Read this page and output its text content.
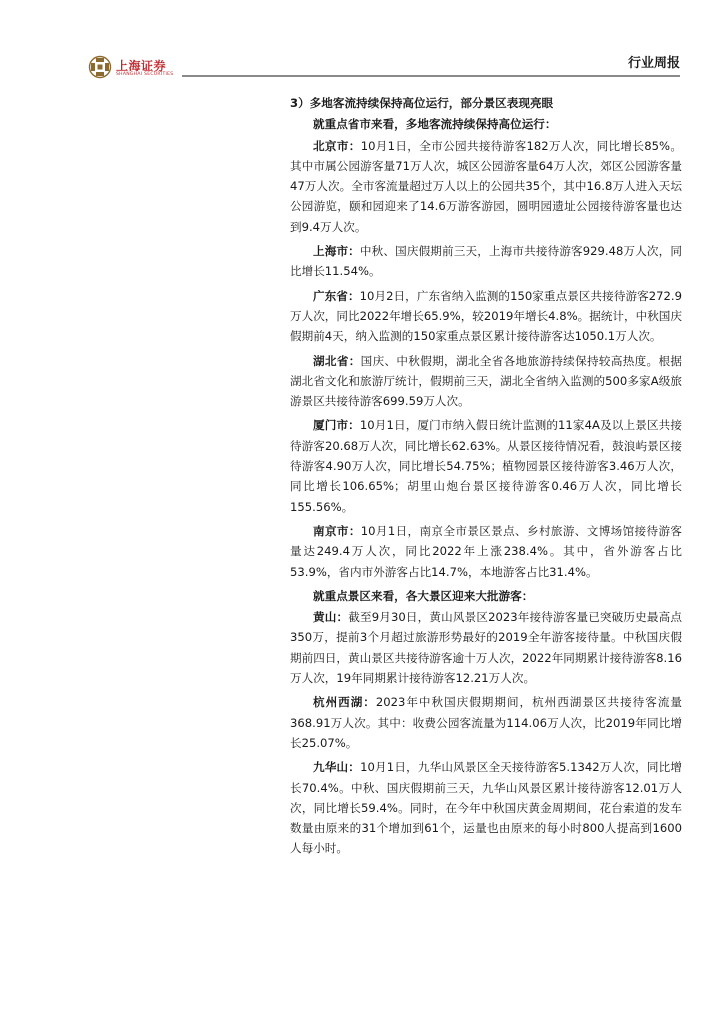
上海证券
SHANGHAI SECURITIES
行业周报

3）多地客流持续保持高位运行，部分景区表现亮眼

就重点省市来看，多地客流持续保持高位运行：

北京市：10月1日，全市公园共接待游客182万人次，同比增长85%。其中市属公园游客量71万人次，城区公园游客量64万人次，郊区公园游客量47万人次。全市客流量超过万人以上的公园共35个，其中16.8万人进入天坛公园游览，颐和园迎来了14.6万游客游园，圆明园遗址公园接待游客量也达到9.4万人次。

上海市：中秋、国庆假期前三天，上海市共接待游客929.48万人次，同比增长11.54%。

广东省：10月2日，广东省纳入监测的150家重点景区共接待游客272.9万人次，同比2022年增长65.9%，较2019年增长4.8%。据统计，中秋国庆假期前4天，纳入监测的150家重点景区累计接待游客达1050.1万人次。

湖北省：国庆、中秋假期，湖北全省各地旅游持续保持较高热度。根据湖北省文化和旅游厅统计，假期前三天，湖北全省纳入监测的500多家A级旅游景区共接待游客699.59万人次。

厦门市：10月1日，厦门市纳入假日统计监测的11家4A及以上景区共接待游客20.68万人次，同比增长62.63%。从景区接待情况看，鼓浪屿景区接待游客4.90万人次，同比增长54.75%；植物园景区接待游客3.46万人次，同比增长106.65%；胡里山炮台景区接待游客0.46万人次，同比增长155.56%。

南京市：10月1日，南京全市景区景点、乡村旅游、文博场馆接待游客量达249.4万人次，同比2022年上涨238.4%。其中，省外游客占比53.9%，省内市外游客占比14.7%，本地游客占比31.4%。

就重点景区来看，各大景区迎来大批游客：

黄山：截至9月30日，黄山风景区2023年接待游客量已突破历史最高点350万，提前3个月超过旅游形势最好的2019全年游客接待量。中秋国庆假期前四日，黄山景区共接待游客逾十万人次，2022年同期累计接待游客8.16万人次，19年同期累计接待游客12.21万人次。

杭州西湖：2023年中秋国庆假期期间，杭州西湖景区共接待客流量368.91万人次。其中：收费公园客流量为114.06万人次，比2019年同比增长25.07%。

九华山：10月1日，九华山风景区全天接待游客5.1342万人次，同比增长70.4%。中秋、国庆假期前三天，九华山风景区累计接待游客12.01万人次，同比增长59.4%。同时，在今年中秋国庆黄金周期间，花台索道的发车数量由原来的31个增加到61个，运量也由原来的每小时800人提高到1600人每小时。
